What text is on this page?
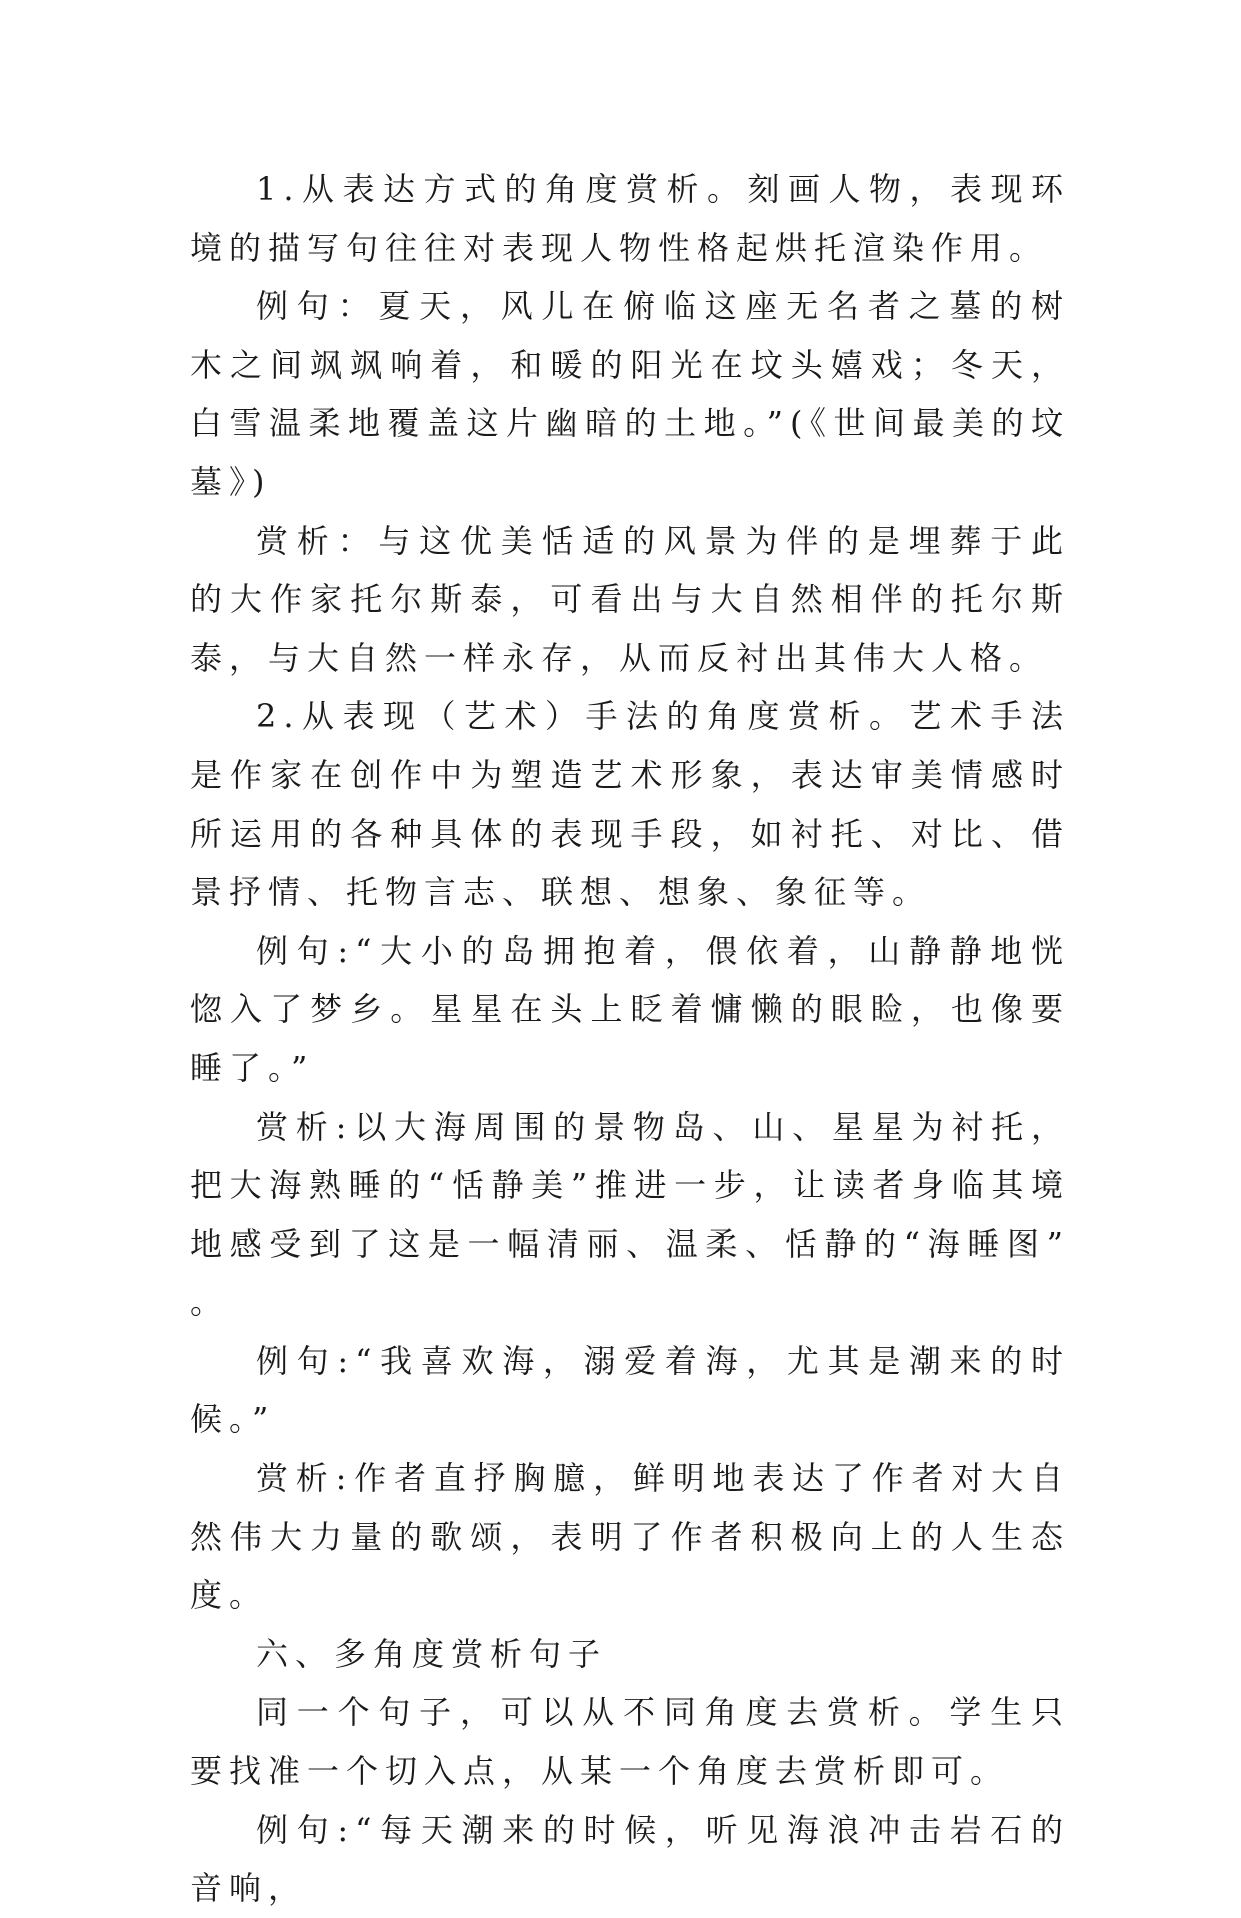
1.从表达方式的角度赏析。刻画人物，表现环境的描写句往往对表现人物性格起烘托渲染作用。

例句：夏天，风儿在俯临这座无名者之墓的树木之间飒飒响着，和暖的阳光在坟头嬉戏；冬天，白雪温柔地覆盖这片幽暗的土地。”(《世间最美的坟墓》)

赏析：与这优美恬适的风景为伴的是埋葬于此的大作家托尔斯泰，可看出与大自然相伴的托尔斯泰，与大自然一样永存，从而反衬出其伟大人格。

2.从表现（艺术）手法的角度赏析。艺术手法是作家在创作中为塑造艺术形象，表达审美情感时所运用的各种具体的表现手段，如衬托、对比、借景抒情、托物言志、联想、想象、象征等。

例句:“大小的岛拥抱着，偎依着，山静静地恍惚入了梦乡。星星在头上眨着慵懒的眼睑，也像要睡了。”

赏析:以大海周围的景物岛、山、星星为衬托，把大海熟睡的“恬静美”推进一步，让读者身临其境地感受到了这是一幅清丽、温柔、恬静的“海睡图”。

例句:“我喜欢海，溺爱着海，尤其是潮来的时候。”

赏析:作者直抒胸臆，鲜明地表达了作者对大自然伟大力量的歌颂，表明了作者积极向上的人生态度。

六、多角度赏析句子

同一个句子，可以从不同角度去赏析。学生只要找准一个切入点，从某一个角度去赏析即可。

例句:“每天潮来的时候，听见海浪冲击岩石的音响，
